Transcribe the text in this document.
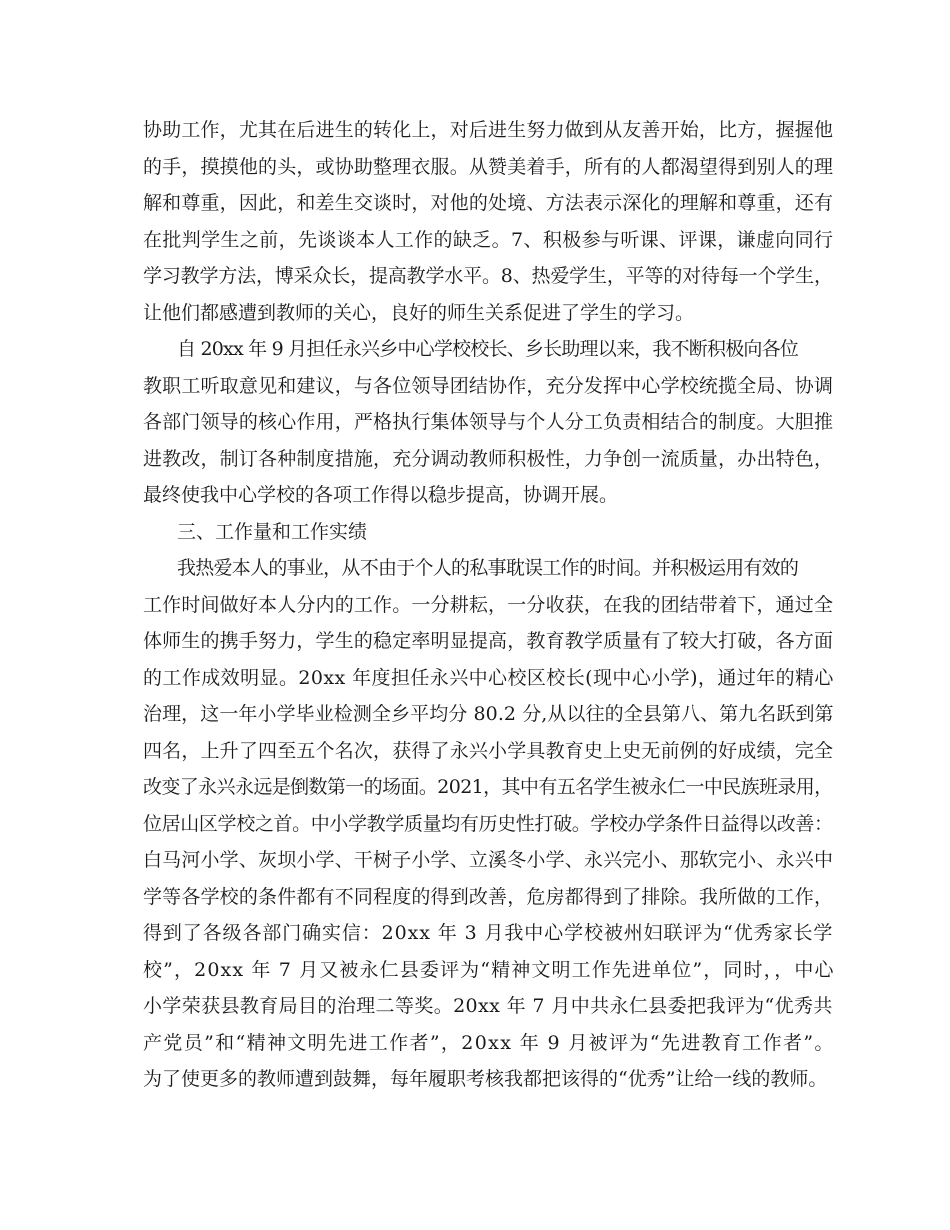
协助工作，尤其在后进生的转化上，对后进生努力做到从友善开始，比方，握握他
的手，摸摸他的头，或协助整理衣服。从赞美着手，所有的人都渴望得到别人的理
解和尊重，因此，和差生交谈时，对他的处境、方法表示深化的理解和尊重，还有
在批判学生之前，先谈谈本人工作的缺乏。7、积极参与听课、评课，谦虚向同行
学习教学方法，博采众长，提高教学水平。8、热爱学生，平等的对待每一个学生，
让他们都感遭到教师的关心，良好的师生关系促进了学生的学习。
自 20xx 年 9 月担任永兴乡中心学校校长、乡长助理以来，我不断积极向各位
教职工听取意见和建议，与各位领导团结协作，充分发挥中心学校统揽全局、协调
各部门领导的核心作用，严格执行集体领导与个人分工负责相结合的制度。大胆推
进教改，制订各种制度措施，充分调动教师积极性，力争创一流质量，办出特色，
最终使我中心学校的各项工作得以稳步提高，协调开展。
三、工作量和工作实绩
我热爱本人的事业，从不由于个人的私事耽误工作的时间。并积极运用有效的
工作时间做好本人分内的工作。一分耕耘，一分收获，在我的团结带着下，通过全
体师生的携手努力，学生的稳定率明显提高，教育教学质量有了较大打破，各方面
的工作成效明显。20xx 年度担任永兴中心校区校长(现中心小学)，通过年的精心
治理，这一年小学毕业检测全乡平均分 80.2 分,从以往的全县第八、第九名跃到第
四名，上升了四至五个名次，获得了永兴小学具教育史上史无前例的好成绩，完全
改变了永兴永远是倒数第一的场面。2021，其中有五名学生被永仁一中民族班录用，
位居山区学校之首。中小学教学质量均有历史性打破。学校办学条件日益得以改善：
白马河小学、灰坝小学、干树子小学、立溪冬小学、永兴完小、那软完小、永兴中
学等各学校的条件都有不同程度的得到改善，危房都得到了排除。我所做的工作，
得到了各级各部门确实信：20xx 年 3 月我中心学校被州妇联评为“优秀家长学
校”，20xx 年 7 月又被永仁县委评为“精神文明工作先进单位”，同时，，中心
小学荣获县教育局目的治理二等奖。20xx 年 7 月中共永仁县委把我评为“优秀共
产党员”和“精神文明先进工作者”，20xx 年 9 月被评为“先进教育工作者”。
为了使更多的教师遭到鼓舞，每年履职考核我都把该得的“优秀”让给一线的教师。
